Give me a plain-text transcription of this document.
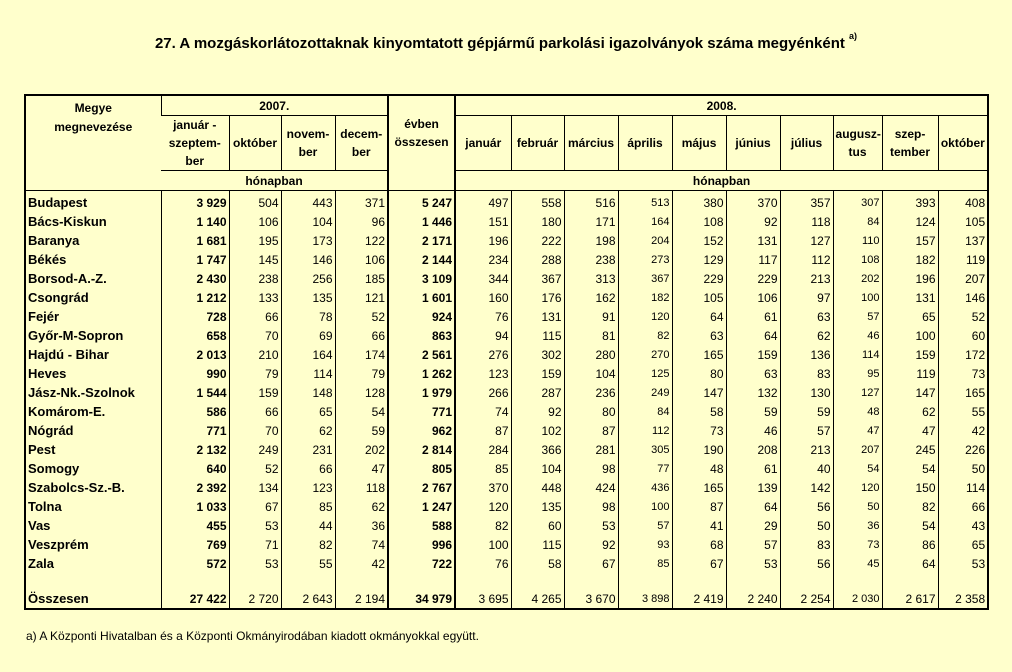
27. A mozgáskorlátozottaknak kinyomtatott gépjármű parkolási igazolványok száma megyénként $^{a)}$
Megye
megnevezése	2007.				évben összesen	2008.									
	január - szeptem-ber	október	novem-ber	decem-ber		január	február	március	április	május	június	július	augusz-tus	szep-tember	október
	hónapban					hónapban									
Budapest	3 929	504	443	371	5 247	497	558	516	513	380	370	357	307	393	408
Bács-Kiskun	1 140	106	104	96	1 446	151	180	171	164	108	92	118	84	124	105
Baranya	1 681	195	173	122	2 171	196	222	198	204	152	131	127	110	157	137
Békés	1 747	145	146	106	2 144	234	288	238	273	129	117	112	108	182	119
Borsod-A.-Z.	2 430	238	256	185	3 109	344	367	313	367	229	229	213	202	196	207
Csongrád	1 212	133	135	121	1 601	160	176	162	182	105	106	97	100	131	146
Fejér	728	66	78	52	924	76	131	91	120	64	61	63	57	65	52
Győr-M-Sopron	658	70	69	66	863	94	115	81	82	63	64	62	46	100	60
Hajdú - Bihar	2 013	210	164	174	2 561	276	302	280	270	165	159	136	114	159	172
Heves	990	79	114	79	1 262	123	159	104	125	80	63	83	95	119	73
Jász-Nk.-Szolnok	1 544	159	148	128	1 979	266	287	236	249	147	132	130	127	147	165
Komárom-E.	586	66	65	54	771	74	92	80	84	58	59	59	48	62	55
Nógrád	771	70	62	59	962	87	102	87	112	73	46	57	47	47	42
Pest	2 132	249	231	202	2 814	284	366	281	305	190	208	213	207	245	226
Somogy	640	52	66	47	805	85	104	98	77	48	61	40	54	54	50
Szabolcs-Sz.-B.	2 392	134	123	118	2 767	370	448	424	436	165	139	142	120	150	114
Tolna	1 033	67	85	62	1 247	120	135	98	100	87	64	56	50	82	66
Vas	455	53	44	36	588	82	60	53	57	41	29	50	36	54	43
Veszprém	769	71	82	74	996	100	115	92	93	68	57	83	73	86	65
Zala	572	53	55	42	722	76	58	67	85	67	53	56	45	64	53

Összesen	27 422	2 720	2 643	2 194	34 979	3 695	4 265	3 670	3 898	2 419	2 240	2 254	2 030	2 617	2 358
a) A Központi Hivatalban és a Központi Okmányirodában kiadott okmányokkal együtt.
